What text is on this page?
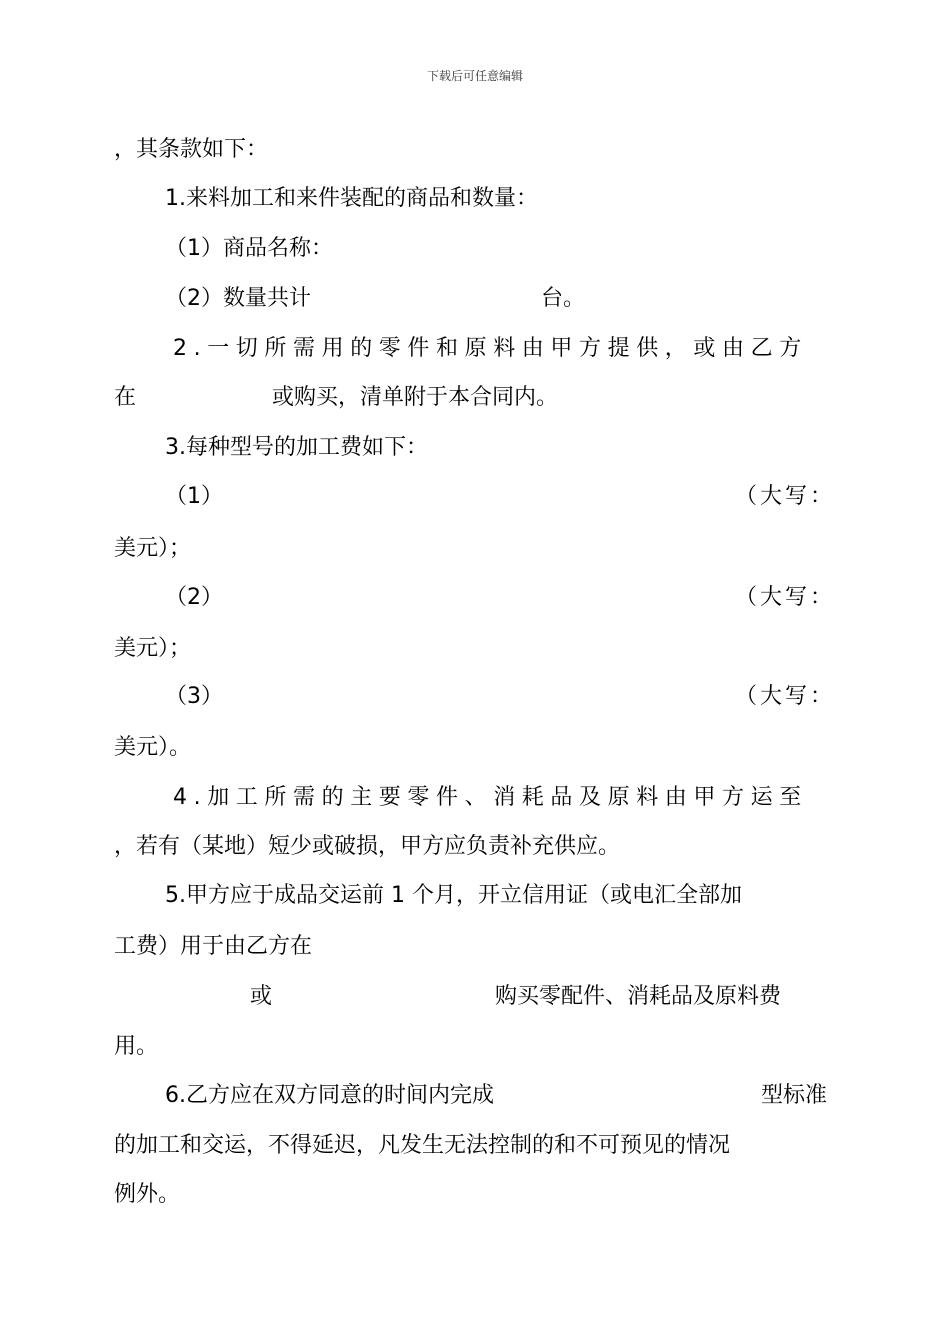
下载后可任意编辑
，其条款如下：
1.来料加工和来件装配的商品和数量：
（1）商品名称：
（2）数量共计	台。
2.一切所需用的零件和原料由甲方提供，或由乙方
在	或购买，清单附于本合同内。
3.每种型号的加工费如下：
（1）	（大写：
美元）；
（2）	（大写：
美元）；
（3）	（大写：
美元）。
4.加工所需的主要零件、消耗品及原料由甲方运至
，若有（某地）短少或破损，甲方应负责补充供应。
5.甲方应于成品交运前 1 个月，开立信用证（或电汇全部加
工费）用于由乙方在
或	购买零配件、消耗品及原料费
用。
6.乙方应在双方同意的时间内完成	型标准
的加工和交运，不得延迟，凡发生无法控制的和不可预见的情况
例外。
